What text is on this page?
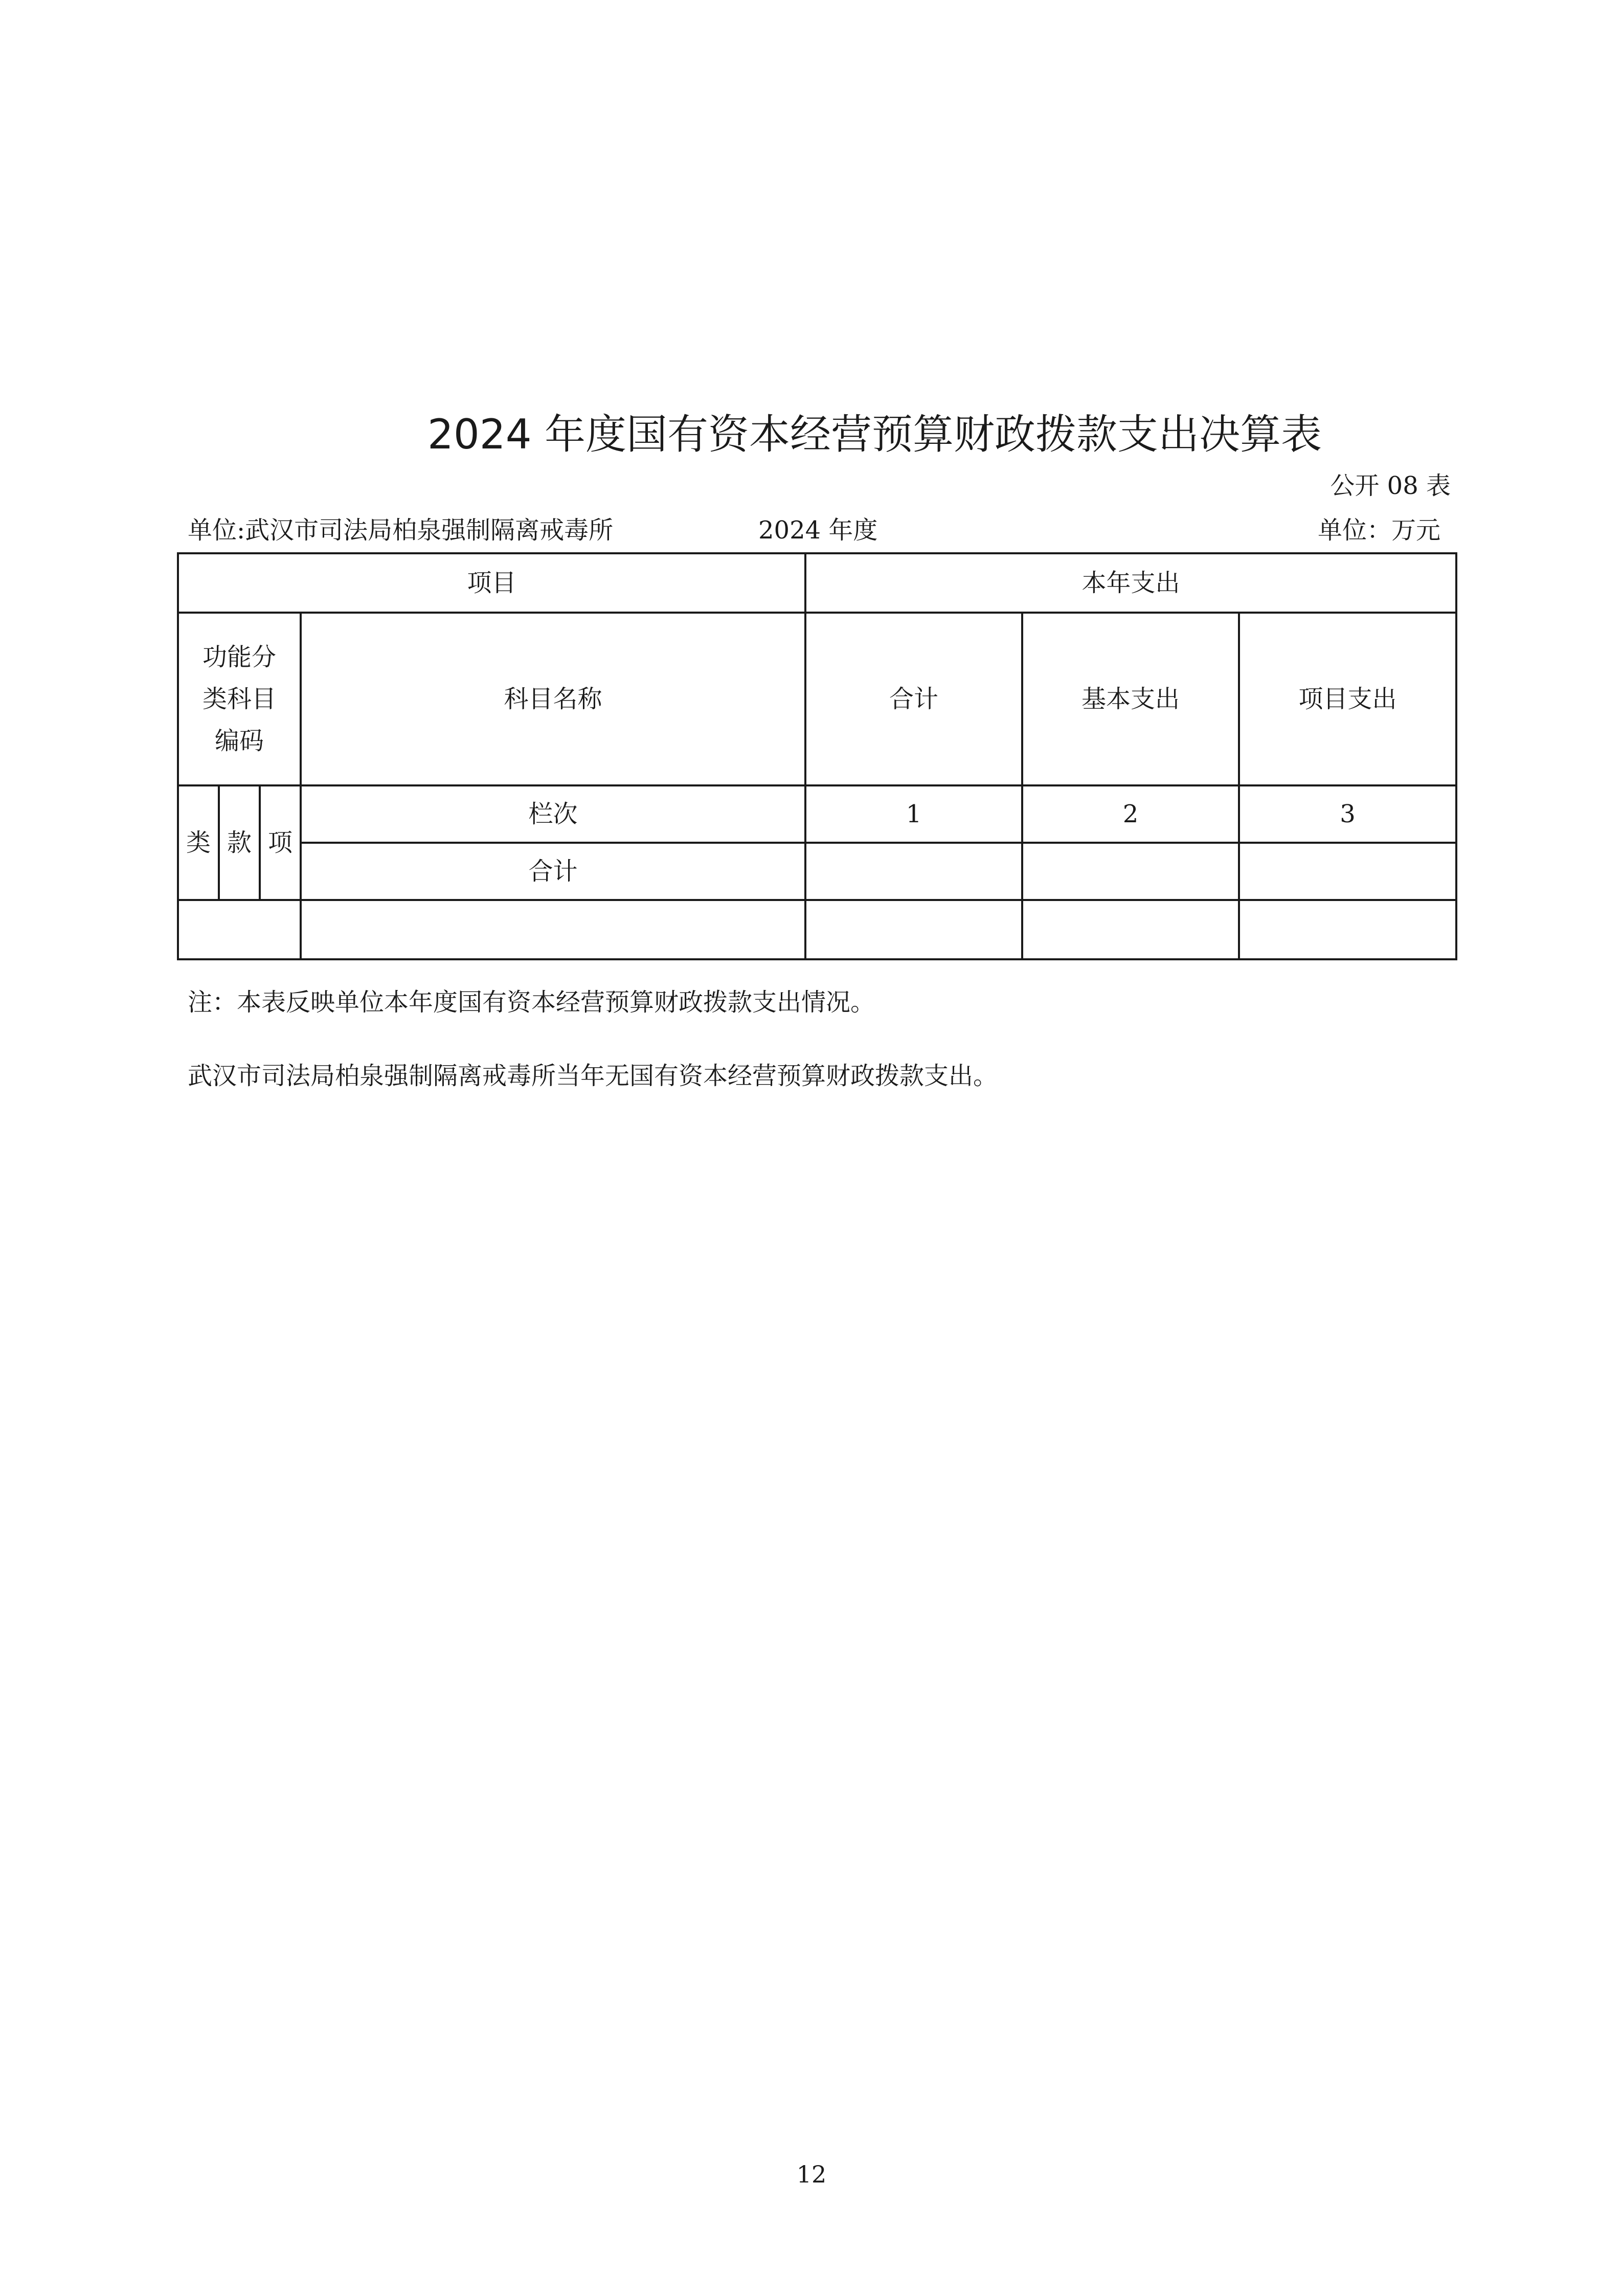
2024 年度国有资本经营预算财政拨款支出决算表
公开 08 表
单位:武汉市司法局柏泉强制隔离戒毒所	2024 年度	单位：万元
项目				本年支出		

功能分类科目编码			科目名称	合计	基本支出	项目支出
类	款	项	栏次	1	2	3
			合计			

注：本表反映单位本年度国有资本经营预算财政拨款支出情况。
武汉市司法局柏泉强制隔离戒毒所当年无国有资本经营预算财政拨款支出。
12
